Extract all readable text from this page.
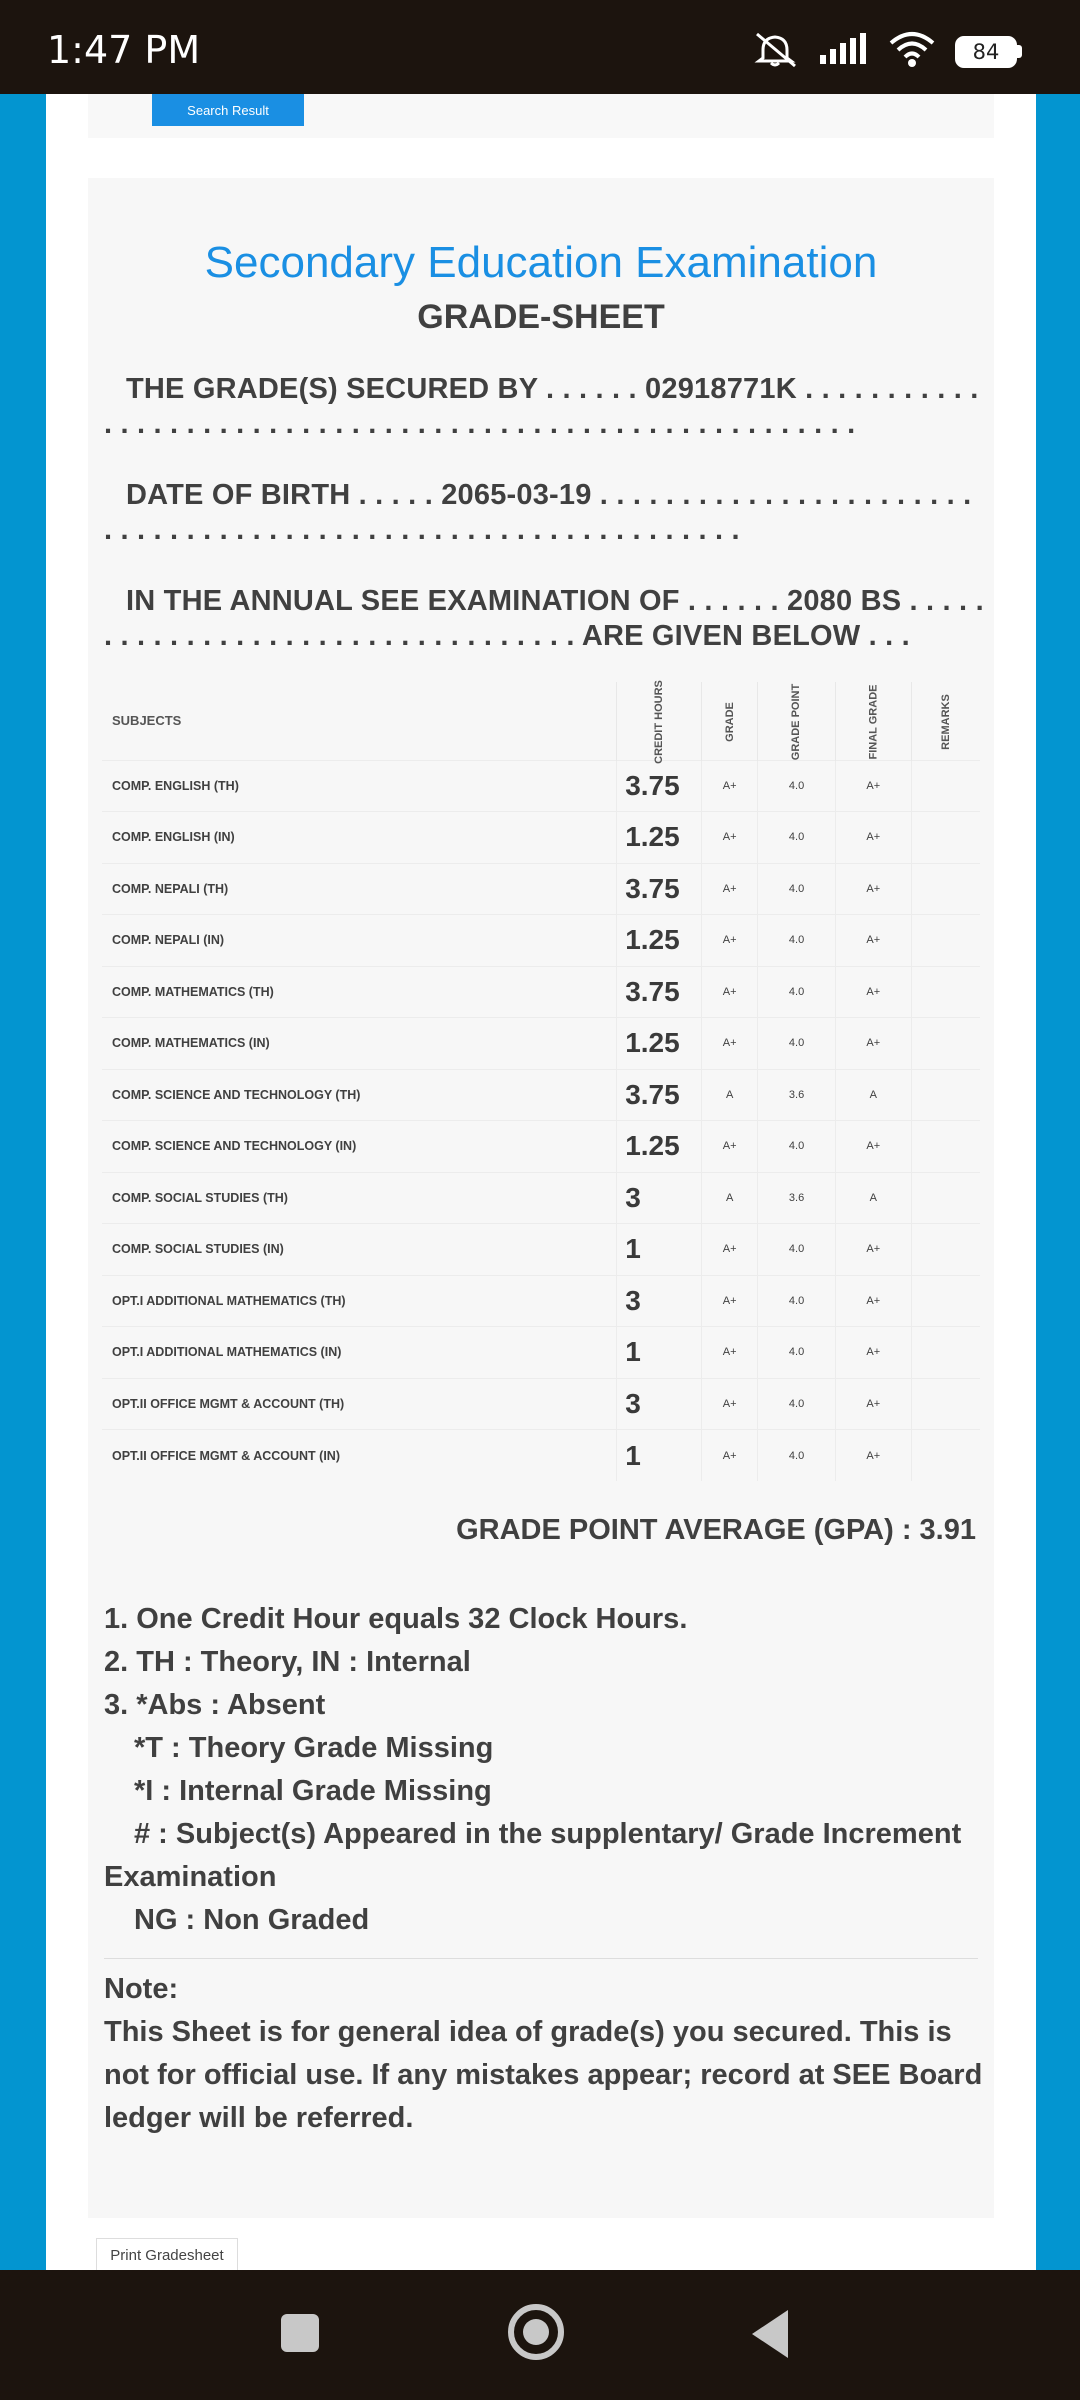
1:47 PM	84
Search Result
Secondary Education Examination
GRADE-SHEET
THE GRADE(S) SECURED BY . . . . . . 02918771K . . . . . . . . . . . . . . . . . . . . . . . . . . . . . . . . . . . . . . . . . . . . . . . . . . . . . . . . .
DATE OF BIRTH . . . . . 2065-03-19 . . . . . . . . . . . . . . . . . . . . . . . . . . . . . . . . . . . . . . . . . . . . . . . . . . . . . . . . . . . . . .
IN THE ANNUAL SEE EXAMINATION OF . . . . . . 2080 BS . . . . . . . . . . . . . . . . . . . . . . . . . . . . . . . . . . ARE GIVEN BELOW . . .
SUBJECTS	CREDIT HOURS	GRADE	GRADE POINT	FINAL GRADE	REMARKS
COMP. ENGLISH (TH)	3.75	A+	4.0	A+	
COMP. ENGLISH (IN)	1.25	A+	4.0	A+	
COMP. NEPALI (TH)	3.75	A+	4.0	A+	
COMP. NEPALI (IN)	1.25	A+	4.0	A+	
COMP. MATHEMATICS (TH)	3.75	A+	4.0	A+	
COMP. MATHEMATICS (IN)	1.25	A+	4.0	A+	
COMP. SCIENCE AND TECHNOLOGY (TH)	3.75	A	3.6	A	
COMP. SCIENCE AND TECHNOLOGY (IN)	1.25	A+	4.0	A+	
COMP. SOCIAL STUDIES (TH)	3	A	3.6	A	
COMP. SOCIAL STUDIES (IN)	1	A+	4.0	A+	
OPT.I ADDITIONAL MATHEMATICS (TH)	3	A+	4.0	A+	
OPT.I ADDITIONAL MATHEMATICS (IN)	1	A+	4.0	A+	
OPT.II OFFICE MGMT & ACCOUNT (TH)	3	A+	4.0	A+	
OPT.II OFFICE MGMT & ACCOUNT (IN)	1	A+	4.0	A+	
GRADE POINT AVERAGE (GPA) : 3.91
1. One Credit Hour equals 32 Clock Hours.
2. TH : Theory, IN : Internal
3. *Abs : Absent
*T : Theory Grade Missing
*I : Internal Grade Missing
# : Subject(s) Appeared in the supplentary/ Grade Increment Examination
NG : Non Graded
Note:
This Sheet is for general idea of grade(s) you secured. This is not for official use. If any mistakes appear; record at SEE Board ledger will be referred.
Print Gradesheet
